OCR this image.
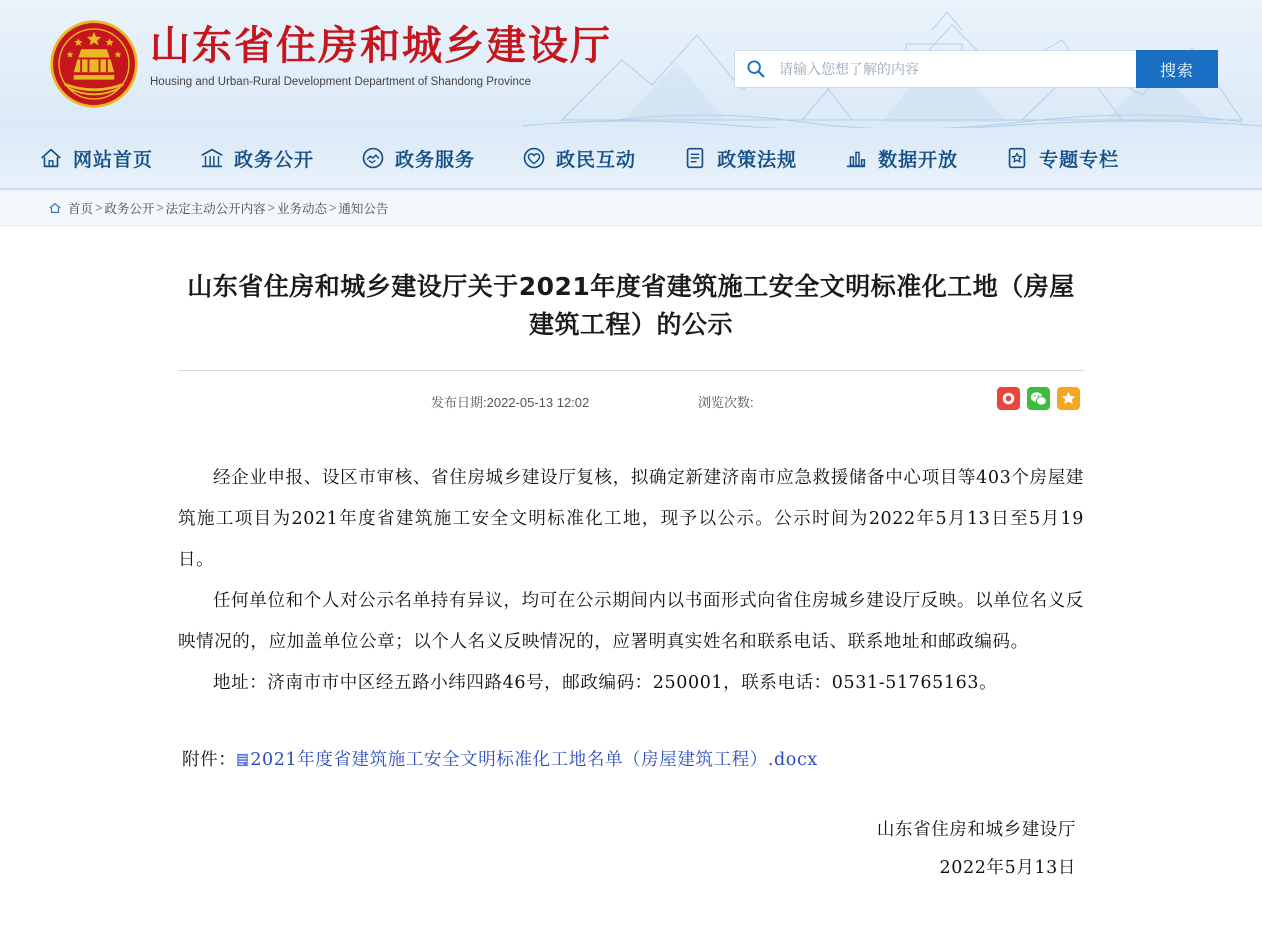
山东省住房和城乡建设厅
Housing and Urban-Rural Development Department of Shandong Province
请输入您想了解的内容
搜索
网站首页	政务公开	政务服务	政民互动	政策法规	数据开放	专题专栏
首页 > 政务公开 > 法定主动公开内容 > 业务动态 > 通知公告
山东省住房和城乡建设厅关于2021年度省建筑施工安全文明标准化工地（房屋建筑工程）的公示
发布日期:2022-05-13 12:02	浏览次数:

经企业申报、设区市审核、省住房城乡建设厅复核，拟确定新建济南市应急救援储备中心项目等403个房屋建筑施工项目为2021年度省建筑施工安全文明标准化工地，现予以公示。公示时间为2022年5月13日至5月19日。

任何单位和个人对公示名单持有异议，均可在公示期间内以书面形式向省住房城乡建设厅反映。以单位名义反映情况的，应加盖单位公章；以个人名义反映情况的，应署明真实姓名和联系电话、联系地址和邮政编码。

地址：济南市市中区经五路小纬四路46号，邮政编码：250001，联系电话：0531-51765163。

附件： 2021年度省建筑施工安全文明标准化工地名单（房屋建筑工程）.docx
山东省住房和城乡建设厅
2022年5月13日
